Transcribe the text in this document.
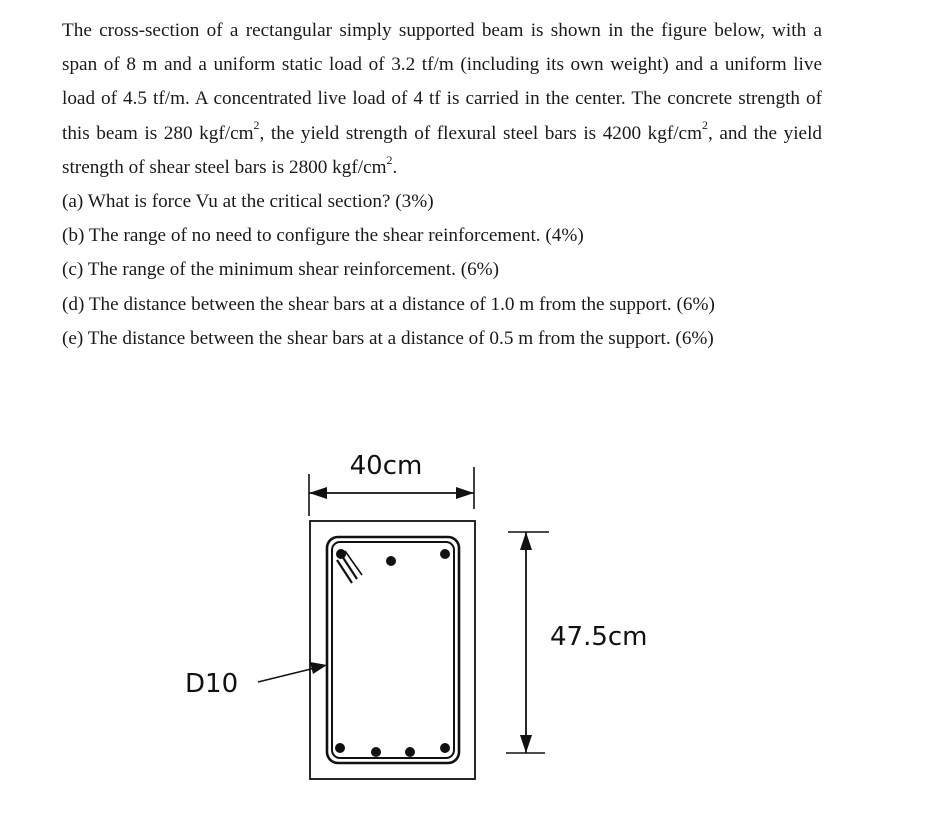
The cross-section of a rectangular simply supported beam is shown in the figure below, with a span of 8 m and a uniform static load of 3.2 tf/m (including its own weight) and a uniform live load of 4.5 tf/m. A concentrated live load of 4 tf is carried in the center. The concrete strength of this beam is 280 kgf/$cm^2$, the yield strength of flexural steel bars is 4200 kgf/$cm^2$, and the yield strength of shear steel bars is 2800 kgf/$cm^2$.

(a) What is force Vu at the critical section? (3%)
(b) The range of no need to configure the shear reinforcement. (4%)
(c) The range of the minimum shear reinforcement. (6%)
(d) The distance between the shear bars at a distance of 1.0 m from the support. (6%)
(e) The distance between the shear bars at a distance of 0.5 m from the support. (6%)
40cm
47.5cm
D10
